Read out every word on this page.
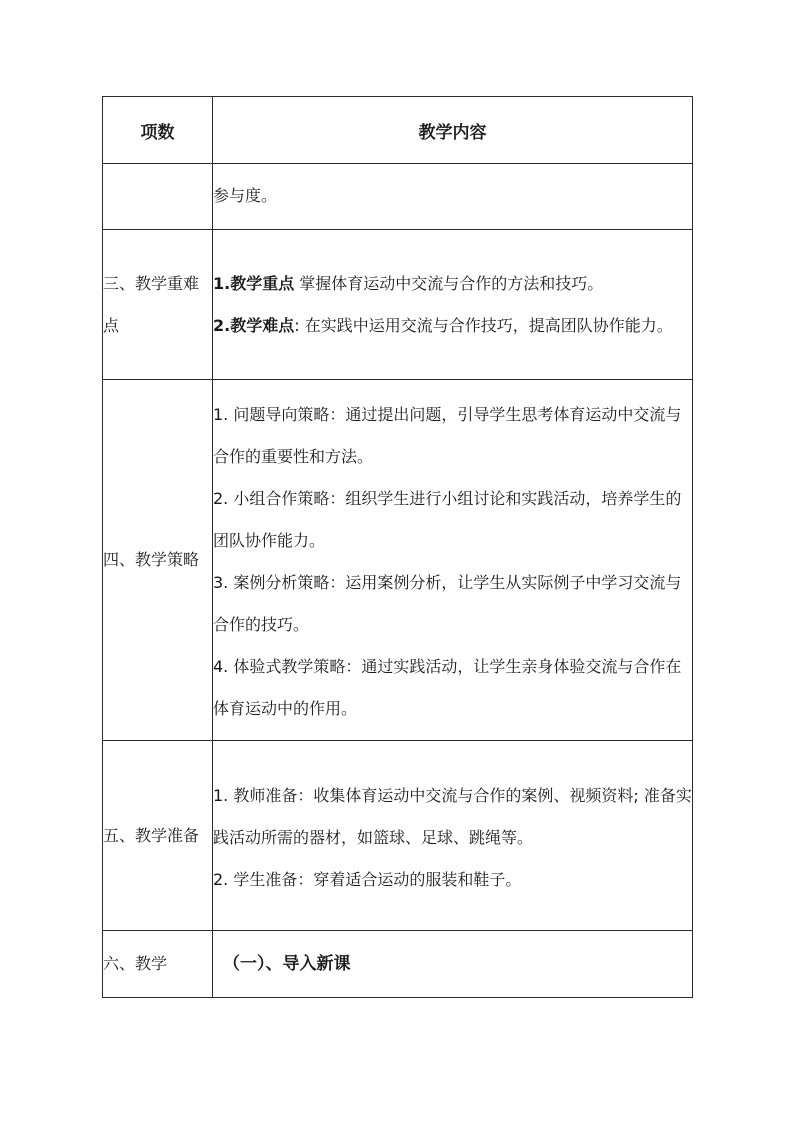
项数	教学内容

	参与度。

三、教学重难点	1.教学重点 掌握体育运动中交流与合作的方法和技巧。

2.教学难点: 在实践中运用交流与合作技巧，提高团队协作能力。

四、教学策略	1. 问题导向策略：通过提出问题，引导学生思考体育运动中交流与合作的重要性和方法。

2. 小组合作策略：组织学生进行小组讨论和实践活动，培养学生的团队协作能力。

3. 案例分析策略：运用案例分析，让学生从实际例子中学习交流与合作的技巧。

4. 体验式教学策略：通过实践活动，让学生亲身体验交流与合作在体育运动中的作用。

五、教学准备	1. 教师准备：收集体育运动中交流与合作的案例、视频资料; 准备实践活动所需的器材，如篮球、足球、跳绳等。

2. 学生准备：穿着适合运动的服装和鞋子。

六、教学	（一）、导入新课
